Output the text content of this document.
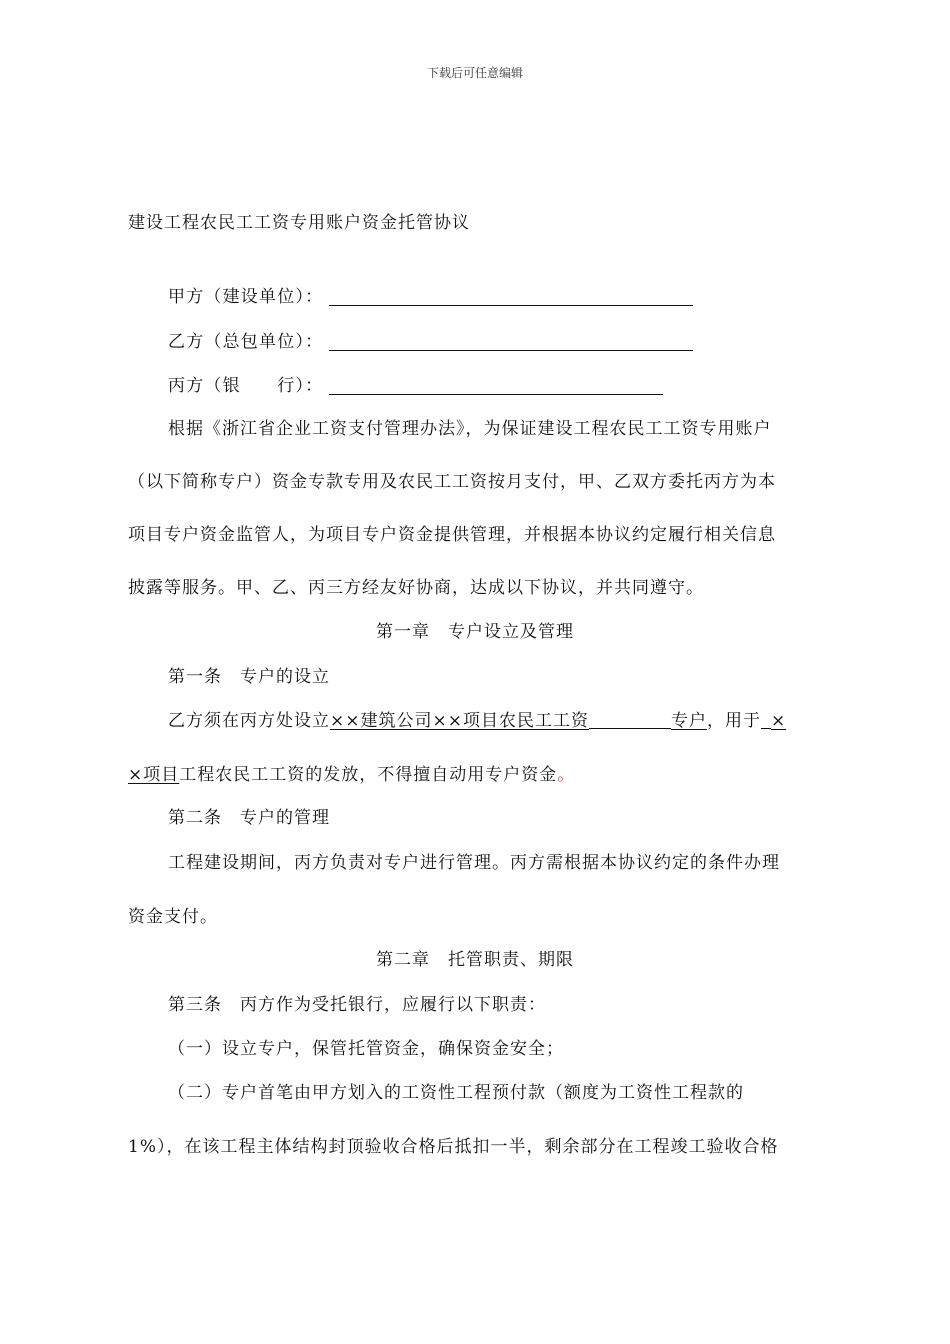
下载后可任意编辑
建设工程农民工工资专用账户资金托管协议
甲方（建设单位）：
乙方（总包单位）：
丙方（银　　行）：
根据《浙江省企业工资支付管理办法》，为保证建设工程农民工工资专用账户
（以下简称专户）资金专款专用及农民工工资按月支付，甲、乙双方委托丙方为本
项目专户资金监管人，为项目专户资金提供管理，并根据本协议约定履行相关信息
披露等服务。甲、乙、丙三方经友好协商，达成以下协议，并共同遵守。
第一章　专户设立及管理
第一条　专户的设立
乙方须在丙方处设立××建筑公司××项目农民工工资	专户，用于 ×
×项目工程农民工工资的发放，不得擅自动用专户资金。
第二条　专户的管理
工程建设期间，丙方负责对专户进行管理。丙方需根据本协议约定的条件办理
资金支付。
第二章　托管职责、期限
第三条　丙方作为受托银行，应履行以下职责：
（一）设立专户，保管托管资金，确保资金安全；
（二）专户首笔由甲方划入的工资性工程预付款（额度为工资性工程款的
1%），在该工程主体结构封顶验收合格后抵扣一半，剩余部分在工程竣工验收合格
